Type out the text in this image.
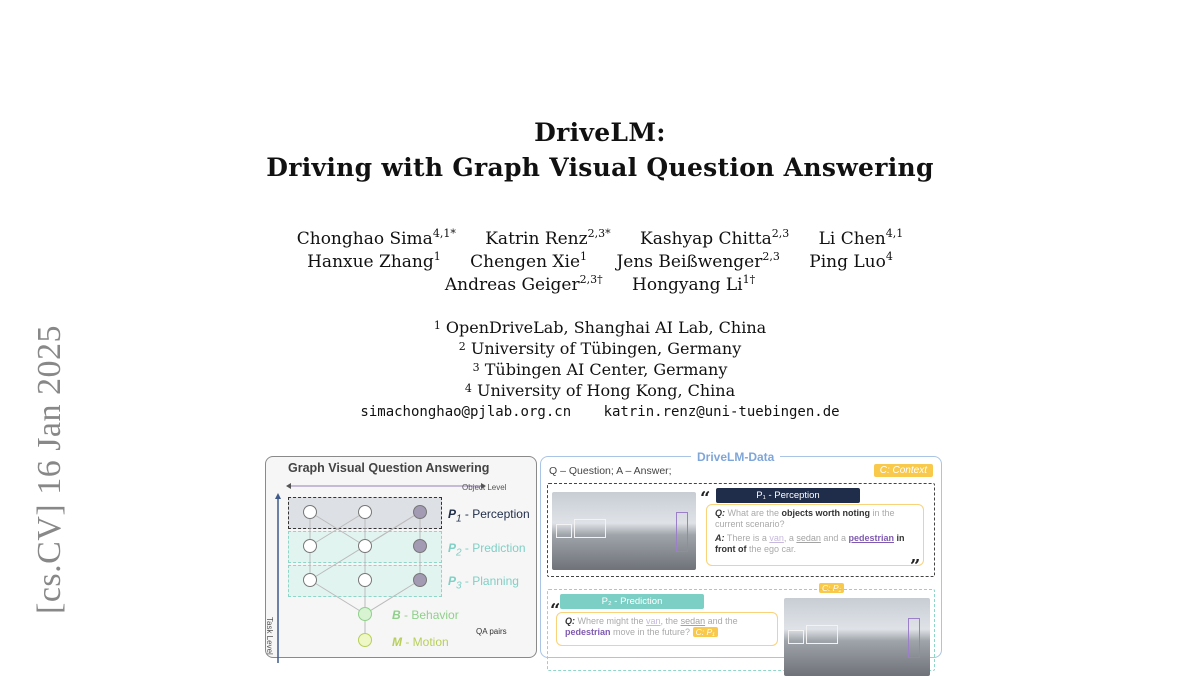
DriveLM:
Driving with Graph Visual Question Answering
Chonghao Sima$^{4,1*}$ Katrin Renz$^{2,3*}$ Kashyap Chitta$^{2,3}$ Li Chen$^{4,1}$
Hanxue Zhang$^1$ Chengen Xie$^1$ Jens Beißwenger$^{2,3}$ Ping Luo$^4$
Andreas Geiger$^{2,3\dagger}$ Hongyang $Li^{1\dagger}$
$^1$ OpenDriveLab, Shanghai AI Lab, China
$^2$ University of Tübingen, Germany
$^3$ Tübingen AI Center, Germany
$^4$ University of Hong Kong, China
simachonghao@pjlab.org.cn katrin.renz@uni-tuebingen.de
[cs.CV] 16 Jan 2025	Graph Visual Question Answering
Object Level
Task Level
$P_1$ - Perception
$P_2$ - Prediction
$P_3$ - Planning
B - Behavior
M - Motion
QA pairs
DriveLM-Data
Q – Question; A – Answer;	C: Context
“	P₁ - Perception
Q: What are the objects worth noting in the current scenario?
A: There is a van, a sedan and a pedestrian in front of the ego car.
”
C: P₁
P₂ - Prediction
“ Q: Where might the van, the sedan and the pedestrian move in the future? C: P₁
